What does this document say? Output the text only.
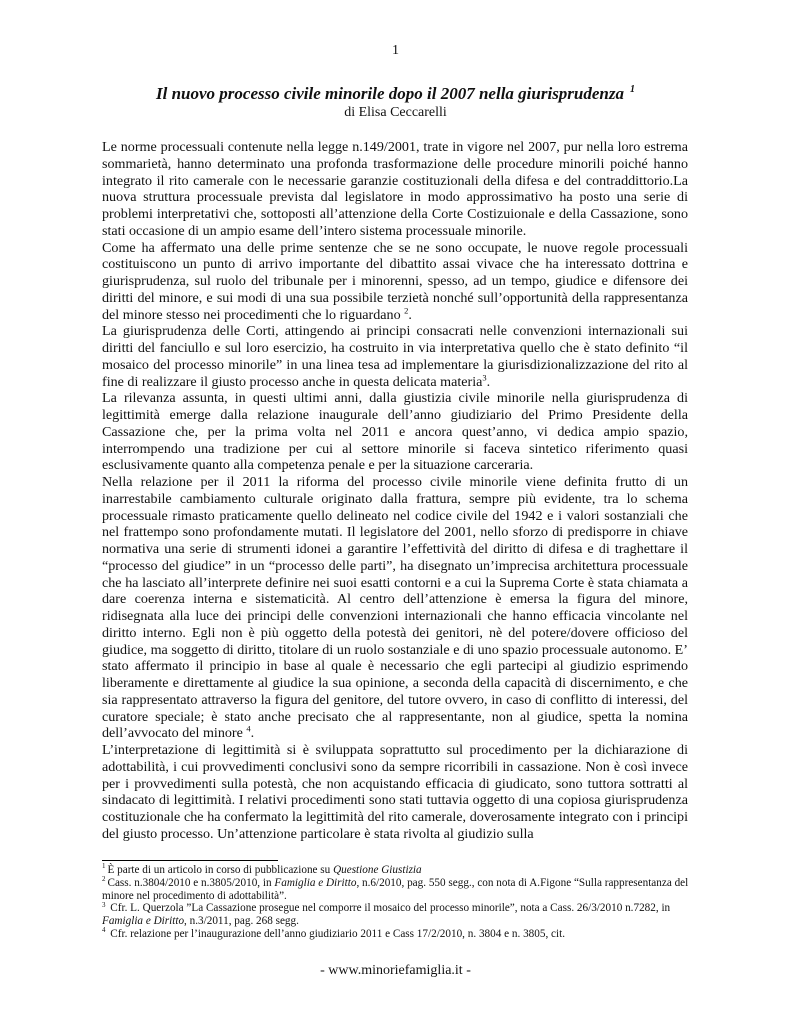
1
Il nuovo processo civile minorile dopo il 2007 nella giurisprudenza $^1$
di Elisa Ceccarelli

Le norme processuali contenute nella legge n.149/2001, trate in vigore nel 2007, pur nella loro estrema sommarietà, hanno determinato una profonda trasformazione delle procedure minorili poiché hanno integrato il rito camerale con le necessarie garanzie costituzionali della difesa e del contraddittorio.La nuova struttura processuale prevista dal legislatore in modo approssimativo ha posto una serie di problemi interpretativi che, sottoposti all’attenzione della Corte Costizuionale e della Cassazione, sono stati occasione di un ampio esame dell’intero sistema processuale minorile.

Come ha affermato una delle prime sentenze che se ne sono occupate, le nuove regole processuali costituiscono un punto di arrivo importante del dibattito assai vivace che ha interessato dottrina e giurisprudenza, sul ruolo del tribunale per i minorenni, spesso, ad un tempo, giudice e difensore dei diritti del minore, e sui modi di una sua possibile terzietà nonché sull’opportunità della rappresentanza del minore stesso nei procedimenti che lo riguardano $^2$.

La giurisprudenza delle Corti, attingendo ai principi consacrati nelle convenzioni internazionali sui diritti del fanciullo e sul loro esercizio, ha costruito in via interpretativa quello che è stato definito “il mosaico del processo minorile” in una linea tesa ad implementare la giurisdizionalizzazione del rito al fine di realizzare il giusto processo anche in questa delicata materia$^3$.

La rilevanza assunta, in questi ultimi anni, dalla giustizia civile minorile nella giurisprudenza di legittimità emerge dalla relazione inaugurale dell’anno giudiziario del Primo Presidente della Cassazione che, per la prima volta nel 2011 e ancora quest’anno, vi dedica ampio spazio, interrompendo una tradizione per cui al settore minorile si faceva sintetico riferimento quasi esclusivamente quanto alla competenza penale e per la situazione carceraria.

Nella relazione per il 2011 la riforma del processo civile minorile viene definita frutto di un inarrestabile cambiamento culturale originato dalla frattura, sempre più evidente, tra lo schema processuale rimasto praticamente quello delineato nel codice civile del 1942 e i valori sostanziali che nel frattempo sono profondamente mutati. Il legislatore del 2001, nello sforzo di predisporre in chiave normativa una serie di strumenti idonei a garantire l’effettività del diritto di difesa e di traghettare il “processo del giudice” in un “processo delle parti”, ha disegnato un’imprecisa architettura processuale che ha lasciato all’interprete definire nei suoi esatti contorni e a cui la Suprema Corte è stata chiamata a dare coerenza interna e sistematicità. Al centro dell’attenzione è emersa la figura del minore, ridisegnata alla luce dei principi delle convenzioni internazionali che hanno efficacia vincolante nel diritto interno. Egli non è più oggetto della potestà dei genitori, nè del potere/dovere officioso del giudice, ma soggetto di diritto, titolare di un ruolo sostanziale e di uno spazio processuale autonomo. E’ stato affermato il principio in base al quale è necessario che egli partecipi al giudizio esprimendo liberamente e direttamente al giudice la sua opinione, a seconda della capacità di discernimento, e che sia rappresentato attraverso la figura del genitore, del tutore ovvero, in caso di conflitto di interessi, del curatore speciale; è stato anche precisato che al rappresentante, non al giudice, spetta la nomina dell’avvocato del minore $^4$.

L’interpretazione di legittimità si è sviluppata soprattutto sul procedimento per la dichiarazione di adottabilità, i cui provvedimenti conclusivi sono da sempre ricorribili in cassazione. Non è così invece per i provvedimenti sulla potestà, che non acquistando efficacia di giudicato, sono tuttora sottratti al sindacato di legittimità. I relativi procedimenti sono stati tuttavia oggetto di una copiosa giurisprudenza costituzionale che ha confermato la legittimità del rito camerale, doverosamente integrato con i principi del giusto processo. Un’attenzione particolare è stata rivolta al giudizio sulla

$^1$ È parte di un articolo in corso di pubblicazione su Questione Giustizia

$^2$ Cass. n.3804/2010 e n.3805/2010, in Famiglia e Diritto, n.6/2010, pag. 550 segg., con nota di A.Figone “Sulla rappresentanza del minore nel procedimento di adottabilità”.

$^3$ Cfr. L. Querzola ”La Cassazione prosegue nel comporre il mosaico del processo minorile”, nota a Cass. 26/3/2010 n.7282, in Famiglia e Diritto, n.3/2011, pag. 268 segg.

$^4$ Cfr. relazione per l’inaugurazione dell’anno giudiziario 2011 e Cass 17/2/2010, n. 3804 e n. 3805, cit.

- www.minoriefamiglia.it -
